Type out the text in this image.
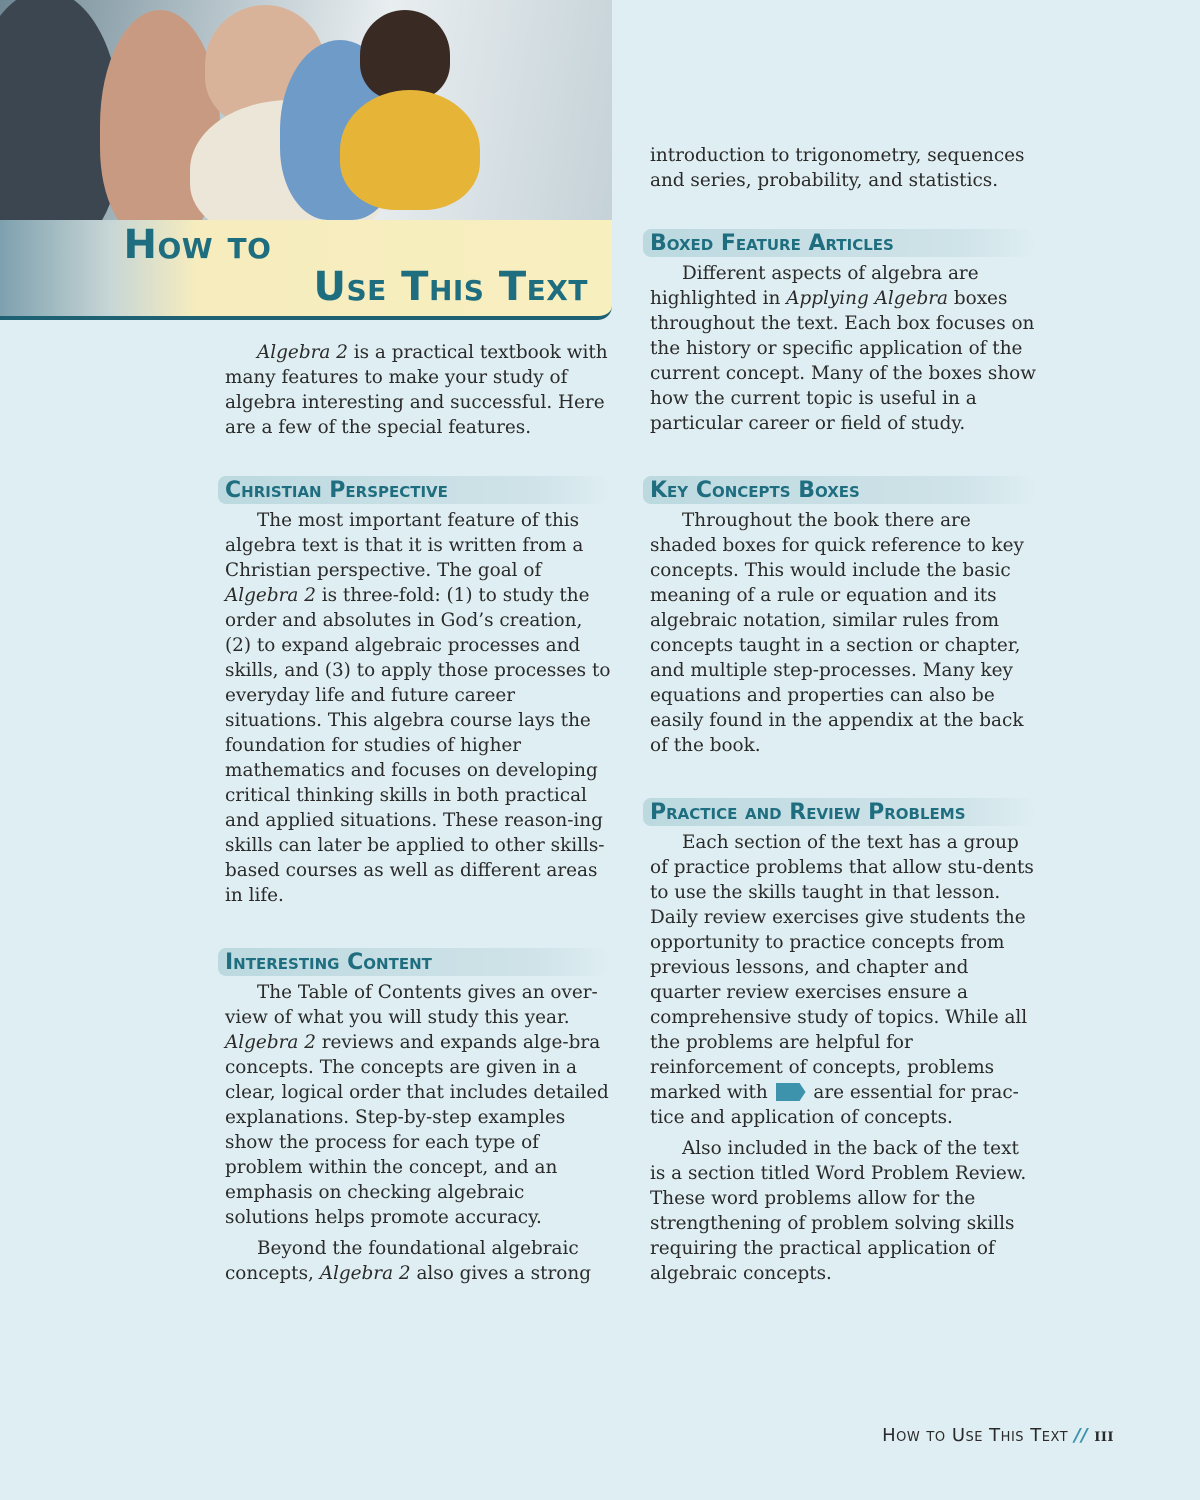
How to
Use This Text

Algebra 2 is a practical textbook with many features to make your study of algebra interesting and successful. Here are a few of the special features.

Christian Perspective

The most important feature of this algebra text is that it is written from a Christian perspective. The goal of Algebra 2 is three-fold: (1) to study the order and absolutes in God’s creation, (2) to expand algebraic processes and skills, and (3) to apply those processes to everyday life and future career situations. This algebra course lays the foundation for studies of higher mathematics and focuses on developing critical thinking skills in both practical and applied situations. These reason-ing skills can later be applied to other skills-based courses as well as different areas in life.

Interesting Content

The Table of Contents gives an over-view of what you will study this year. Algebra 2 reviews and expands alge-bra concepts. The concepts are given in a clear, logical order that includes detailed explanations. Step-by-step examples show the process for each type of problem within the concept, and an emphasis on checking algebraic solutions helps promote accuracy.

Beyond the foundational algebraic concepts, Algebra 2 also gives a strong

introduction to trigonometry, sequences and series, probability, and statistics.

Boxed Feature Articles

Different aspects of algebra are highlighted in Applying Algebra boxes throughout the text. Each box focuses on the history or specific application of the current concept. Many of the boxes show how the current topic is useful in a particular career or field of study.

Key Concepts Boxes

Throughout the book there are shaded boxes for quick reference to key concepts. This would include the basic meaning of a rule or equation and its algebraic notation, similar rules from concepts taught in a section or chapter, and multiple step-processes. Many key equations and properties can also be easily found in the appendix at the back of the book.

Practice and Review Problems

Each section of the text has a group of practice problems that allow stu-dents to use the skills taught in that lesson. Daily review exercises give students the opportunity to practice concepts from previous lessons, and chapter and quarter review exercises ensure a comprehensive study of topics. While all the problems are helpful for reinforcement of concepts, problems marked with  are essential for prac-tice and application of concepts.

Also included in the back of the text is a section titled Word Problem Review. These word problems allow for the strengthening of problem solving skills requiring the practical application of algebraic concepts.

How to Use This Text // iii
